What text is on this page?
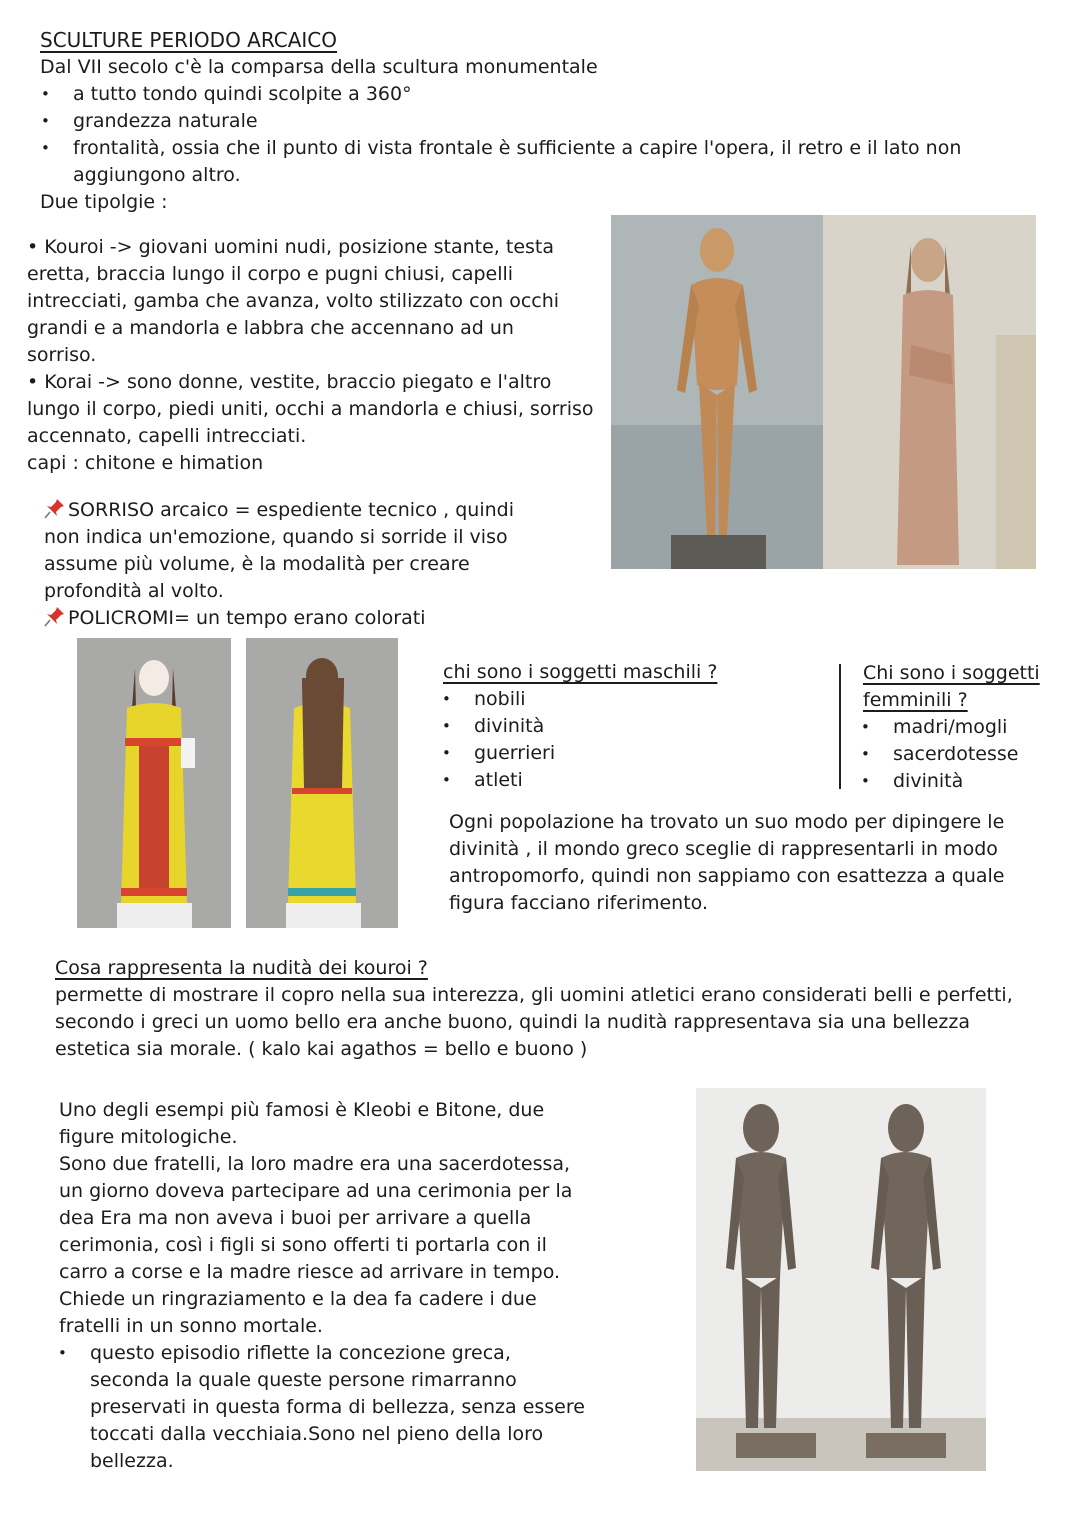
SCULTURE PERIODO ARCAICO
Dal VII secolo c'è la comparsa della scultura monumentale
• a tutto tondo quindi scolpite a 360°
• grandezza naturale
• frontalità, ossia che il punto di vista frontale è sufficiente a capire l'opera, il retro e il lato non
aggiungono altro.
Due tipolgie :
• Kouroi -> giovani uomini nudi, posizione stante, testa
eretta, braccia lungo il corpo e pugni chiusi, capelli
intrecciati, gamba che avanza, volto stilizzato con occhi
grandi e a mandorla e labbra che accennano ad un
sorriso.
• Korai -> sono donne, vestite, braccio piegato e l'altro
lungo il corpo, piedi uniti, occhi a mandorla e chiusi, sorriso
accennato, capelli intrecciati.
capi : chitone e himation
SORRISO arcaico = espediente tecnico , quindi
non indica un'emozione, quando si sorride il viso
assume più volume, è la modalità per creare
profondità al volto.
POLICROMI= un tempo erano colorati
chi sono i soggetti maschili ?
• nobili
• divinità
• guerrieri
• atleti
Chi sono i soggetti
femminili ?
• madri/mogli
• sacerdotesse
• divinità
Ogni popolazione ha trovato un suo modo per dipingere le
divinità , il mondo greco sceglie di rappresentarli in modo
antropomorfo, quindi non sappiamo con esattezza a quale
figura facciano riferimento.
Cosa rappresenta la nudità dei kouroi ?
permette di mostrare il copro nella sua interezza, gli uomini atletici erano considerati belli e perfetti,
secondo i greci un uomo bello era anche buono, quindi la nudità rappresentava sia una bellezza
estetica sia morale. ( kalo kai agathos = bello e buono )
Uno degli esempi più famosi è Kleobi e Bitone, due
figure mitologiche.
Sono due fratelli, la loro madre era una sacerdotessa,
un giorno doveva partecipare ad una cerimonia per la
dea Era ma non aveva i buoi per arrivare a quella
cerimonia, così i figli si sono offerti ti portarla con il
carro a corse e la madre riesce ad arrivare in tempo.
Chiede un ringraziamento e la dea fa cadere i due
fratelli in un sonno mortale.
• questo episodio riflette la concezione greca,
seconda la quale queste persone rimarranno
preservati in questa forma di bellezza, senza essere
toccati dalla vecchiaia.Sono nel pieno della loro
bellezza.
